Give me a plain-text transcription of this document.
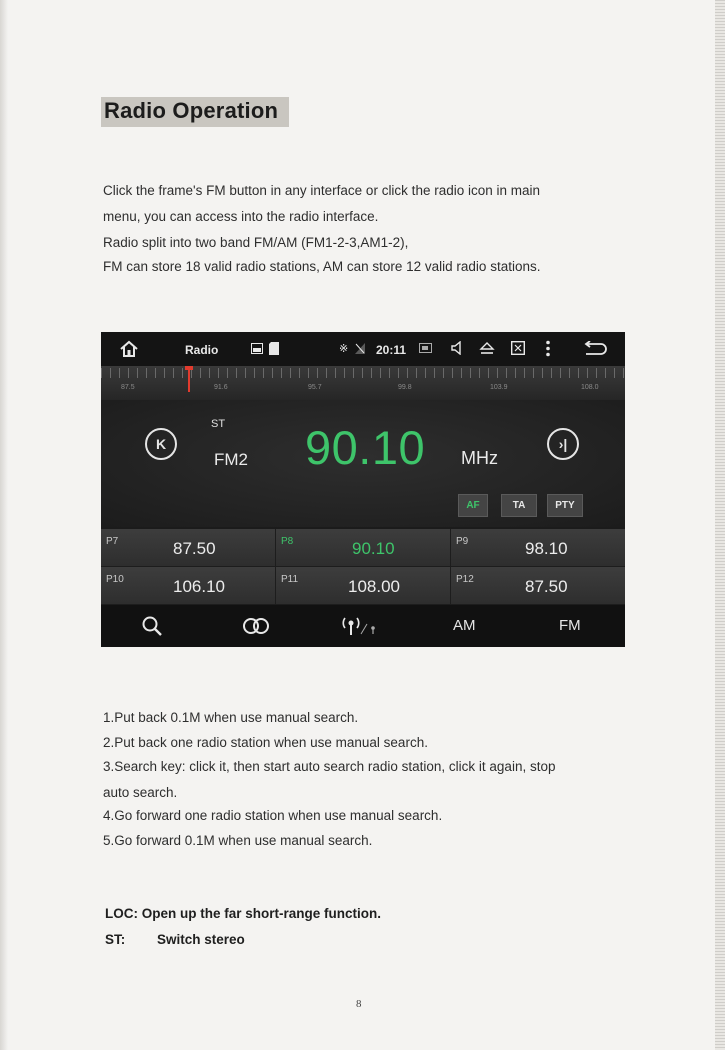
Radio Operation

Click the frame's FM button in any interface or click the radio icon in main

menu, you can access into the radio interface.

Radio split into two band FM/AM (FM1-2-3,AM1-2),

FM can store 18 valid radio stations, AM can store 12 valid radio stations.

Radio	※ 20:11
87.5	91.6	95.7	99.8	103.9	108.0
K
ST
FM2 90.10 MHz
›|
AF	TA	PTY
P7	87.50	P8	90.10	P9	98.10
P10	106.10	P11	108.00	P12	87.50
AM	FM

1.Put back 0.1M when use manual search.

2.Put back one radio station when use manual search.

3.Search key: click it, then start auto search radio station, click it again, stop

auto search.

4.Go forward one radio station when use manual search.

5.Go forward 0.1M when use manual search.

LOC: Open up the far short-range function.

ST: Switch stereo

8
